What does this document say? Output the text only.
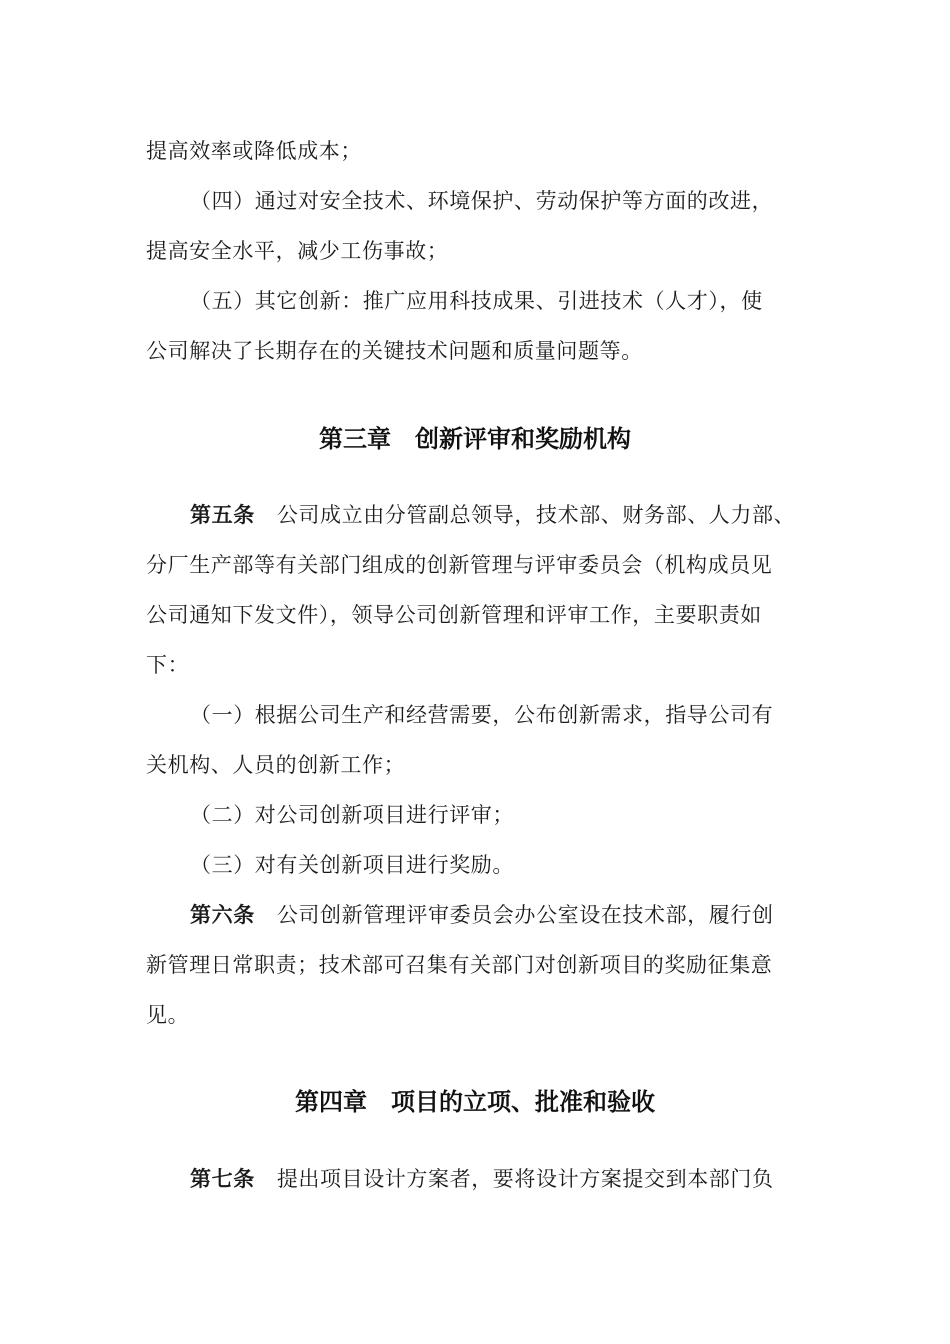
提高效率或降低成本；
（四）通过对安全技术、环境保护、劳动保护等方面的改进，
提高安全水平，减少工伤事故；
（五）其它创新：推广应用科技成果、引进技术（人才），使
公司解决了长期存在的关键技术问题和质量问题等。
第三章　创新评审和奖励机构
第五条 公司成立由分管副总领导，技术部、财务部、人力部、
分厂生产部等有关部门组成的创新管理与评审委员会（机构成员见
公司通知下发文件），领导公司创新管理和评审工作，主要职责如
下：
（一）根据公司生产和经营需要，公布创新需求，指导公司有
关机构、人员的创新工作；
（二）对公司创新项目进行评审；
（三）对有关创新项目进行奖励。
第六条 公司创新管理评审委员会办公室设在技术部，履行创
新管理日常职责；技术部可召集有关部门对创新项目的奖励征集意
见。
第四章　项目的立项、批准和验收
第七条 提出项目设计方案者，要将设计方案提交到本部门负
